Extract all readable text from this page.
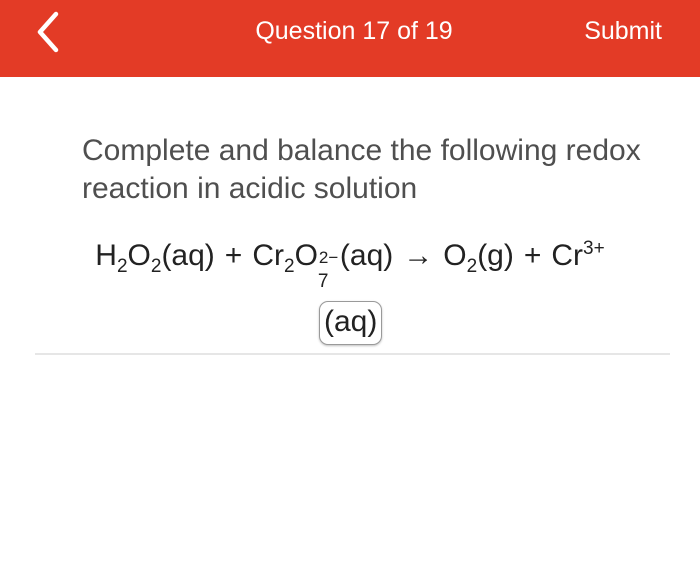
Question 17 of 19	Submit
Complete and balance the following redox reaction in acidic solution
$H_2O_2(aq) + Cr_2O$ 2−
7
$(aq) \to O_2(g) + Cr^{3+}$
(aq)
